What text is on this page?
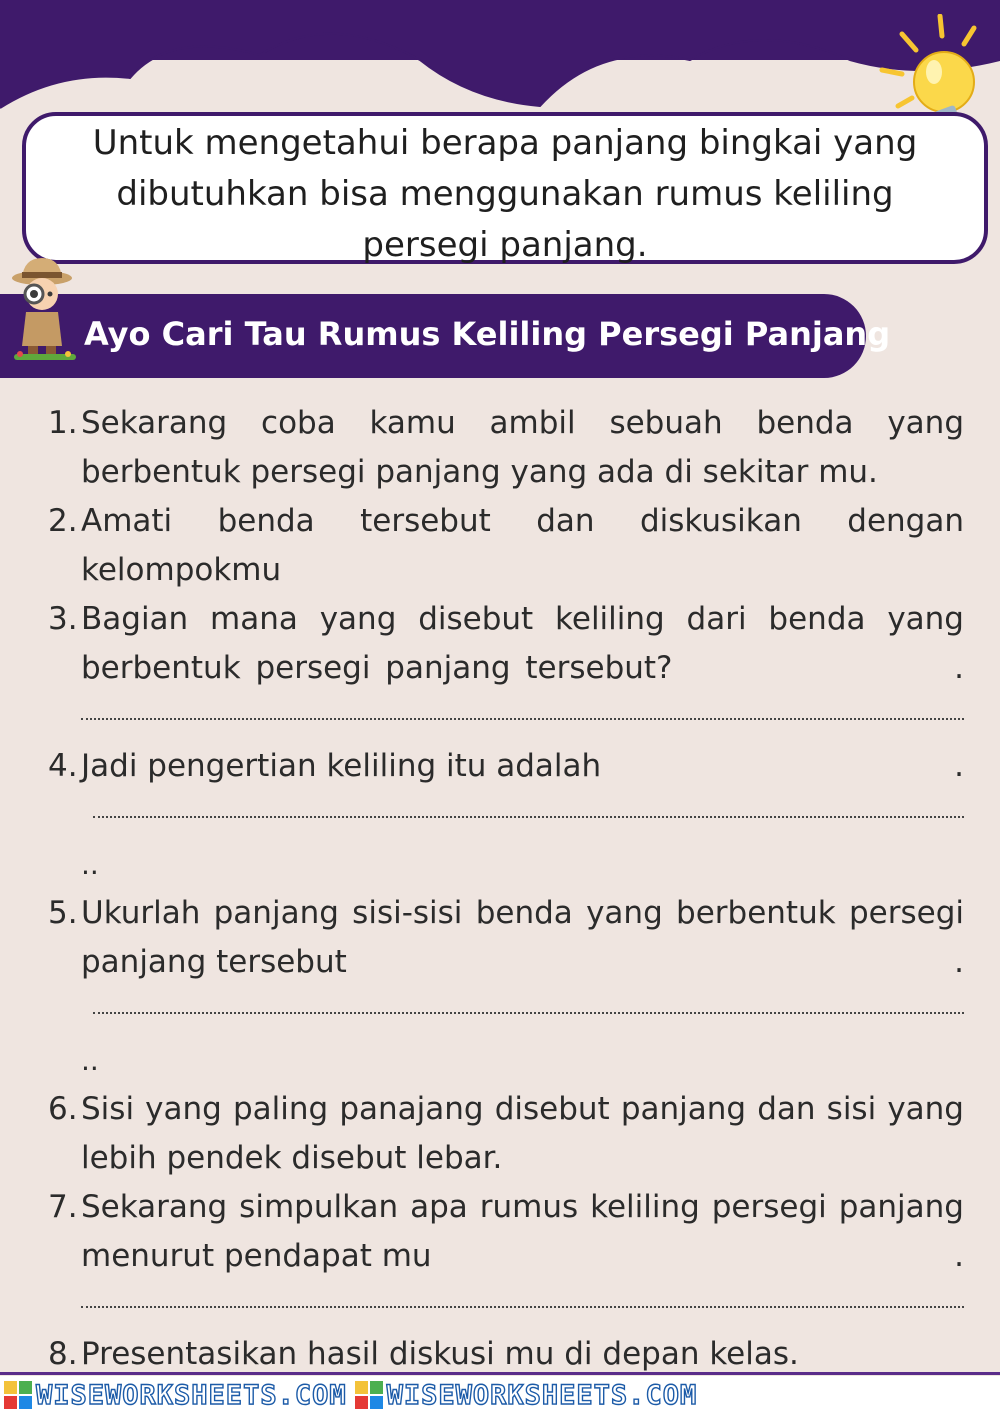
Untuk mengetahui berapa panjang bingkai yang dibutuhkan bisa menggunakan rumus keliling persegi panjang.

Ayo Cari Tau Rumus Keliling Persegi Panjang
1. Sekarang coba kamu ambil sebuah benda yang berbentuk persegi panjang yang ada di sekitar mu.
2. Amati benda tersebut dan diskusikan dengan kelompokmu
3. Bagian mana yang disebut keliling dari benda yang berbentuk persegi panjang tersebut?	.
4. Jadi pengertian keliling itu adalah	.
..
5. Ukurlah panjang sisi-sisi benda yang berbentuk persegi panjang tersebut	.
..
6. Sisi yang paling panajang disebut panjang dan sisi yang lebih pendek disebut lebar.
7. Sekarang simpulkan apa rumus keliling persegi panjang menurut pendapat mu	.
8. Presentasikan hasil diskusi mu di depan kelas.
WISEWORKSHEETS.COM WISEWORKSHEETS.COM
